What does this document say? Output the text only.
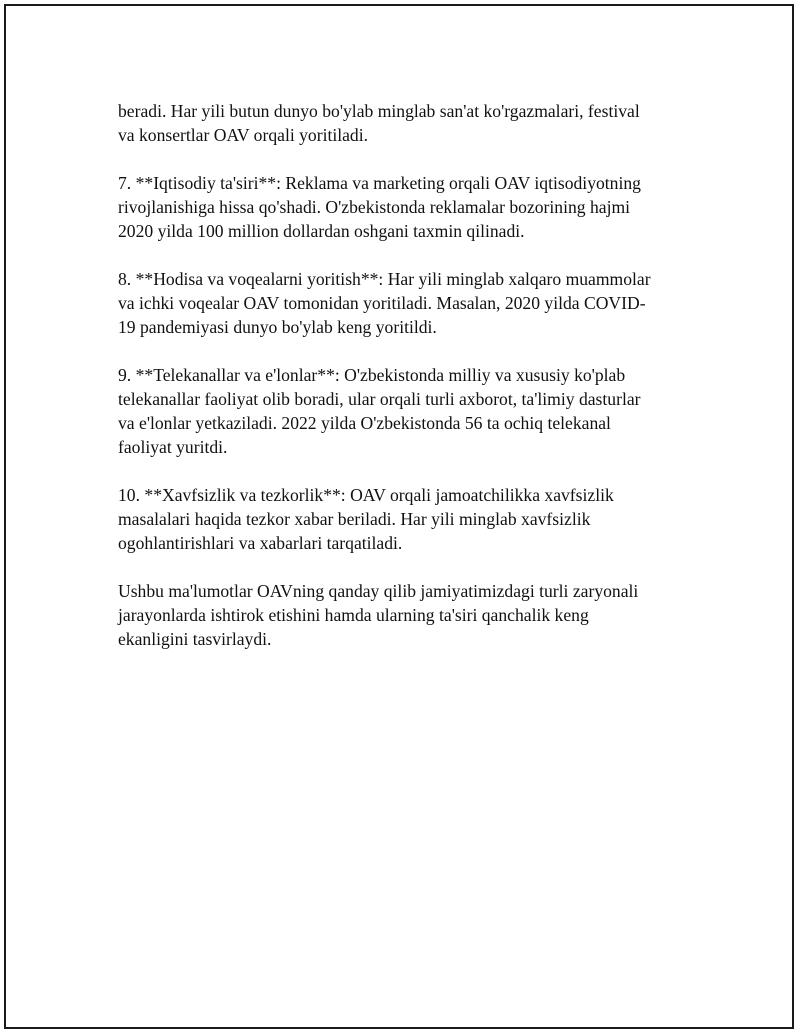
beradi. Har yili butun dunyo bo'ylab minglab san'at ko'rgazmalari, festival
va konsertlar OAV orqali yoritiladi.

7. **Iqtisodiy ta'siri**: Reklama va marketing orqali OAV iqtisodiyotning
rivojlanishiga hissa qo'shadi. O'zbekistonda reklamalar bozorining hajmi
2020 yilda 100 million dollardan oshgani taxmin qilinadi.

8. **Hodisa va voqealarni yoritish**: Har yili minglab xalqaro muammolar
va ichki voqealar OAV tomonidan yoritiladi. Masalan, 2020 yilda COVID-
19 pandemiyasi dunyo bo'ylab keng yoritildi.

9. **Telekanallar va e'lonlar**: O'zbekistonda milliy va xususiy ko'plab
telekanallar faoliyat olib boradi, ular orqali turli axborot, ta'limiy dasturlar
va e'lonlar yetkaziladi. 2022 yilda O'zbekistonda 56 ta ochiq telekanal
faoliyat yuritdi.

10. **Xavfsizlik va tezkorlik**: OAV orqali jamoatchilikka xavfsizlik
masalalari haqida tezkor xabar beriladi. Har yili minglab xavfsizlik
ogohlantirishlari va xabarlari tarqatiladi.

Ushbu ma'lumotlar OAVning qanday qilib jamiyatimizdagi turli zaryonali
jarayonlarda ishtirok etishini hamda ularning ta'siri qanchalik keng
ekanligini tasvirlaydi.
